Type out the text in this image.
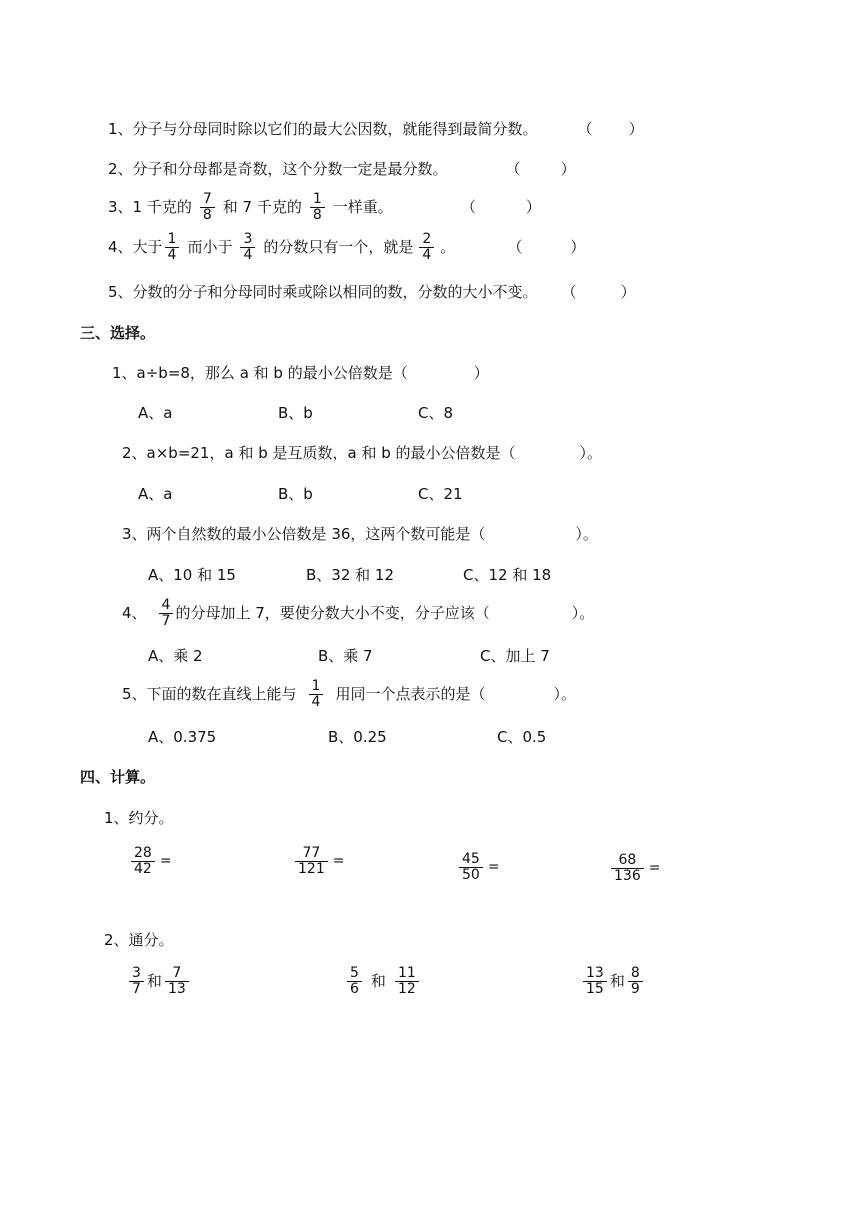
1、分子与分母同时除以它们的最大公因数，就能得到最简分数。	（ ）
2、分子和分母都是奇数，这个分数一定是最分数。	（	）
3、1 千克的 $\frac{7}{8}$ 和 7 千克的 $\frac{1}{8}$ 一样重。	（	）
4、大于 $\frac{1}{4}$ 而小于 $\frac{3}{4}$ 的分数只有一个，就是 $\frac{2}{4}$ 。	（	）
5、分数的分子和分母同时乘或除以相同的数，分数的大小不变。 （	）
三、选择。
1、a÷b=8，那么 a 和 b 的最小公倍数是（	）
A、a	B、b	C、8
2、a×b=21，a 和 b 是互质数，a 和 b 的最小公倍数是（	）。
A、a	B、b	C、21
3、两个自然数的最小公倍数是 36，这两个数可能是（	）。
A、10 和 15	B、32 和 12	C、12 和 18
4、 $\frac{4}{7}$ 的分母加上 7，要使分数大小不变，分子应该（	）。
A、乘 2	B、乘 7	C、加上 7
5、下面的数在直线上能与 $\frac{1}{4}$ 用同一个点表示的是（	）。
A、0.375	B、0.25	C、0.5
四、计算。
1、约分。
$\frac{28}{42}$ =	$\frac{77}{121}$ =	$\frac{45}{50}$ =	$\frac{68}{136}$ =
2、通分。
$\frac{3}{7}$ 和 $\frac{7}{13}$	$\frac{5}{6}$ 和 $\frac{11}{12}$	$\frac{13}{15}$ 和 $\frac{8}{9}$
